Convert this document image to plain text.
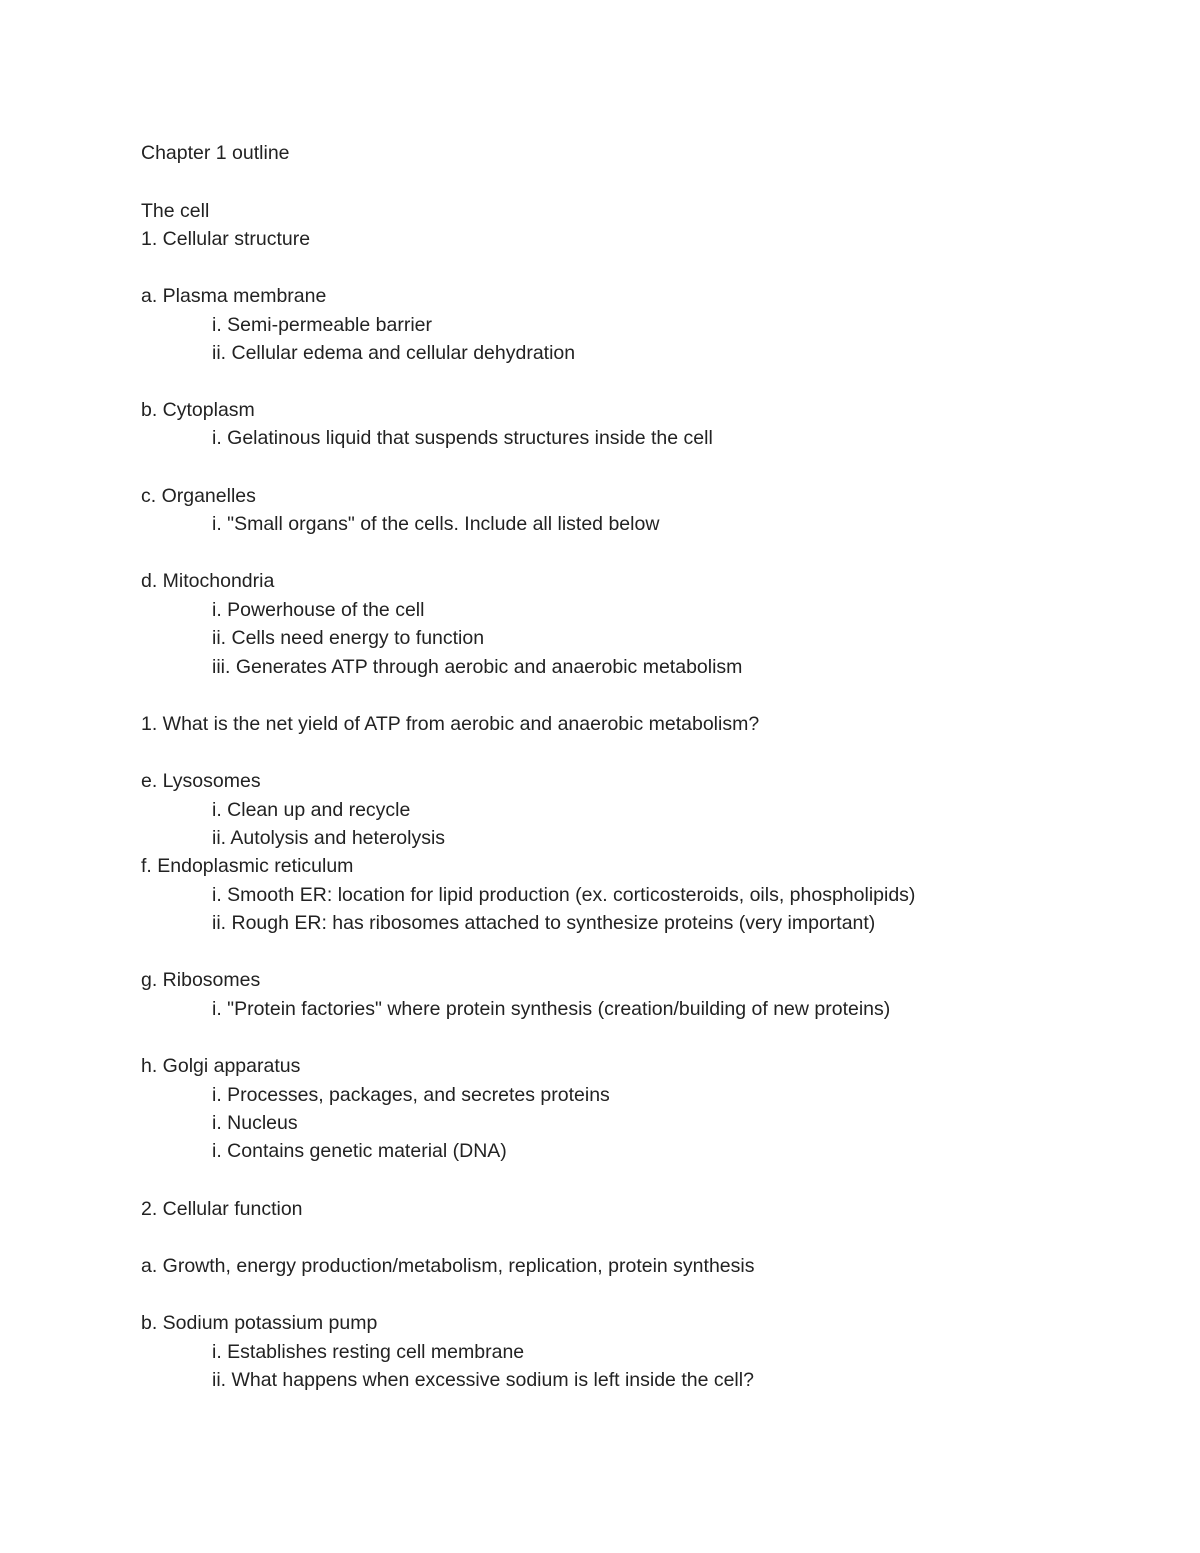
Chapter 1 outline
The cell
1. Cellular structure
a. Plasma membrane
i. Semi-permeable barrier
ii. Cellular edema and cellular dehydration
b. Cytoplasm
i. Gelatinous liquid that suspends structures inside the cell
c. Organelles
i. "Small organs" of the cells. Include all listed below
d. Mitochondria
i. Powerhouse of the cell
ii. Cells need energy to function
iii. Generates ATP through aerobic and anaerobic metabolism
1. What is the net yield of ATP from aerobic and anaerobic metabolism?
e. Lysosomes
i. Clean up and recycle
ii. Autolysis and heterolysis
f. Endoplasmic reticulum
i. Smooth ER: location for lipid production (ex. corticosteroids, oils, phospholipids)
ii. Rough ER: has ribosomes attached to synthesize proteins (very important)
g. Ribosomes
i. "Protein factories" where protein synthesis (creation/building of new proteins)
h. Golgi apparatus
i. Processes, packages, and secretes proteins
i. Nucleus
i. Contains genetic material (DNA)
2. Cellular function
a. Growth, energy production/metabolism, replication, protein synthesis
b. Sodium potassium pump
i. Establishes resting cell membrane
ii. What happens when excessive sodium is left inside the cell?
